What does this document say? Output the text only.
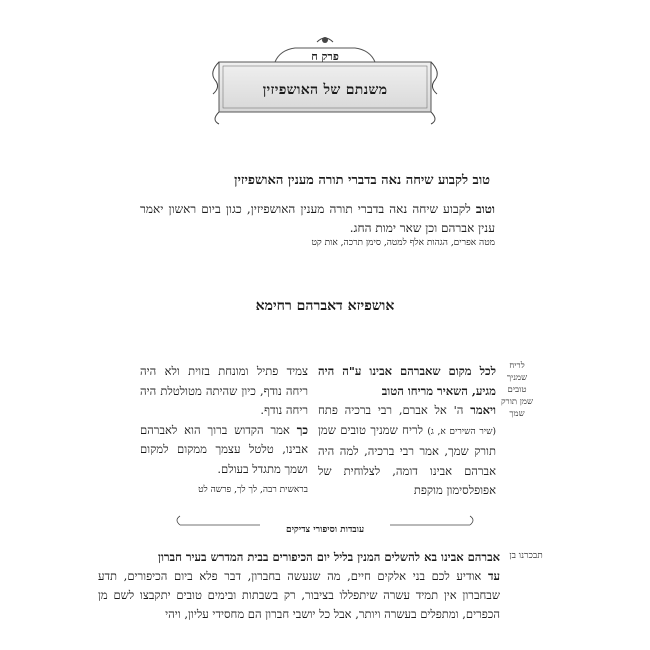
פרק ח
משנתם של האושפיזין
טוב לקבוע שיחה נאה בדברי תורה מענין האושפיזין
וטוב לקבוע שיחה נאה בדברי תורה מענין האושפיזין, כגון ביום ראשון יאמר ענין אברהם וכן שאר ימות החג.
מטה אפרים, הגהות אלף למטה, סימן תרכה, אות קט
אושפיזא דאברהם רחימא
לריח שמניך טובים שמן תורק שמך
לכל מקום שאברהם אבינו ע"ה היה מגיע, השאיר מריחו הטוב
ויאמר ה' אל אברם, רבי ברכיה פתח (שיר השירים א, ג) לריח שמניך טובים שמן תורק שמך, אמר רבי ברכיה, למה היה אברהם אבינו דומה, לצלוחית של אפופלסימון מוקפת
צמיד פתיל ומונחת בזוית ולא היה ריחה נודף, כיון שהיתה מטולטלת היה ריחה נודף.
כך אמר הקדוש ברוך הוא לאברהם אבינו, טלטל עצמך ממקום למקום ושמך מתגדל בעולם.
בראשית רבה, לך לך, פרשה לט
עובדות וסיפורי צדיקים
תבכרנו בן
אברהם אבינו בא להשלים המנין בליל יום הכיפורים בבית המדרש בעיר חברון
עד אודיע לכם בני אלקים חיים, מה שנעשה בחברון, דבר פלא ביום הכיפורים, תדע שבחברון אין תמיד עשרה שיתפללו בציבור, רק בשבתות ובימים טובים יתקבצו לשם מן הכפרים, ומתפלים בעשרה ויותר, אבל כל יושבי חברון הם מחסידי עליון, ויהי
